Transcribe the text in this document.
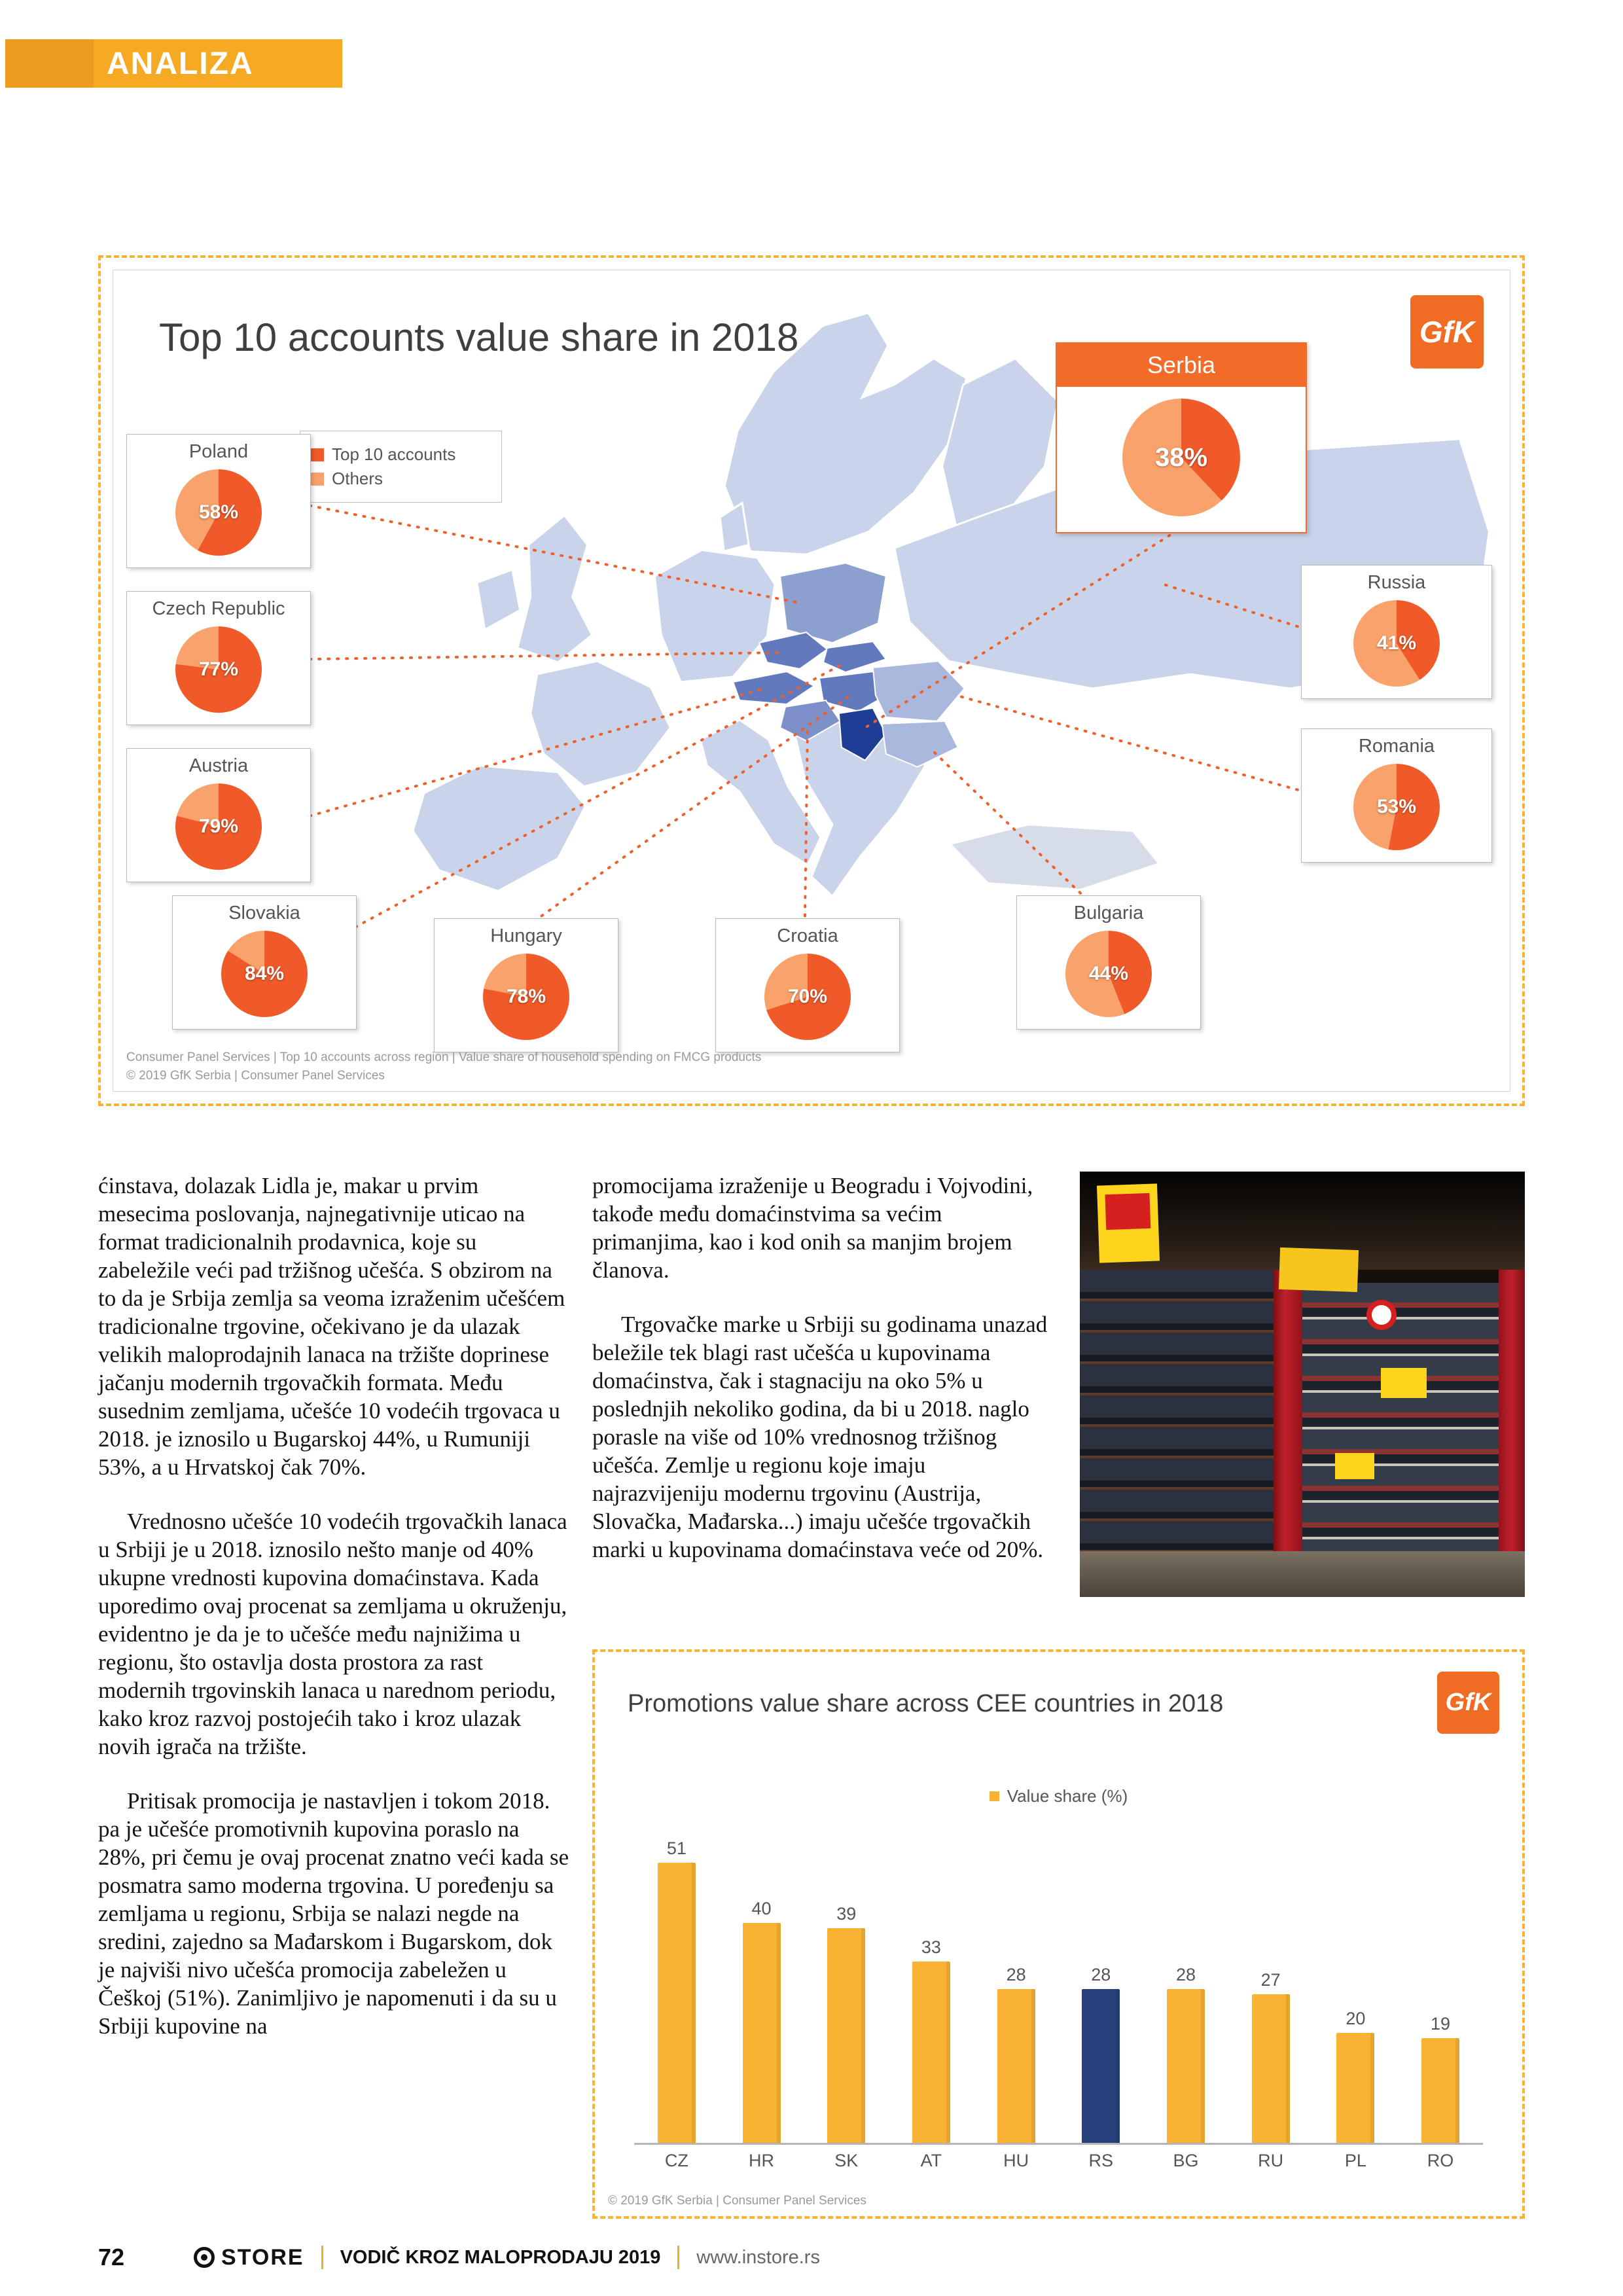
ANALIZA
Top 10 accounts value share in 2018	GfK
Top 10 accounts
Others
Poland
58%
Czech Republic
77%
Austria
79%
Slovakia
84%
Hungary
78%
Croatia
70%
Serbia
38%
Russia
41%
Romania
53%
Bulgaria
44%
Consumer Panel Services | Top 10 accounts across region | Value share of household spending on FMCG products
© 2019 GfK Serbia | Consumer Panel Services

ćinstava, dolazak Lidla je, makar u prvim mesecima poslovanja, najnegativnije uticao na format tradicionalnih prodavnica, koje su zabeležile veći pad tržišnog učešća. S obzirom na to da je Srbija zemlja sa veoma izraženim učešćem tradicionalne trgovine, očekivano je da ulazak velikih maloprodajnih lanaca na tržište doprinese jačanju modernih trgovačkih formata. Među susednim zemljama, učešće 10 vodećih trgovaca u 2018. je iznosilo u Bugarskoj 44%, u Rumuniji 53%, a u Hrvatskoj čak 70%.

Vrednosno učešće 10 vodećih trgovačkih lanaca u Srbiji je u 2018. iznosilo nešto manje od 40% ukupne vrednosti kupovina domaćinstava. Kada uporedimo ovaj procenat sa zemljama u okruženju, evidentno je da je to učešće među najnižima u regionu, što ostavlja dosta prostora za rast modernih trgovinskih lanaca u narednom periodu, kako kroz razvoj postojećih tako i kroz ulazak novih igrača na tržište.

Pritisak promocija je nastavljen i tokom 2018. pa je učešće promotivnih kupovina poraslo na 28%, pri čemu je ovaj procenat znatno veći kada se posmatra samo moderna trgovina. U poređenju sa zemljama u regionu, Srbija se nalazi negde na sredini, zajedno sa Mađarskom i Bugarskom, dok je najviši nivo učešća promocija zabeležen u Češkoj (51%). Zanimljivo je napomenuti i da su u Srbiji kupovine na

promocijama izraženije u Beogradu i Vojvodini, takođe među domaćinstvima sa većim primanjima, kao i kod onih sa manjim brojem članova.

Trgovačke marke u Srbiji su godinama unazad beležile tek blagi rast učešća u kupovinama domaćinstva, čak i stagnaciju na oko 5% u poslednjih nekoliko godina, da bi u 2018. naglo porasle na više od 10% vrednosnog tržišnog učešća. Zemlje u regionu koje imaju najrazvijeniju modernu trgovinu (Austrija, Slovačka, Mađarska...) imaju učešće trgovačkih marki u kupovinama domaćinstava veće od 20%.

Promotions value share across CEE countries in 2018	GfK
Value share (%)
51
40	39
33
28	28	28	27
20	19
CZ	HR	SK	AT	HU	RS	BG	RU	PL	RO
© 2019 GfK Serbia | Consumer Panel Services
72	STORE VODIČ KROZ MALOPRODAJU 2019 www.instore.rs
